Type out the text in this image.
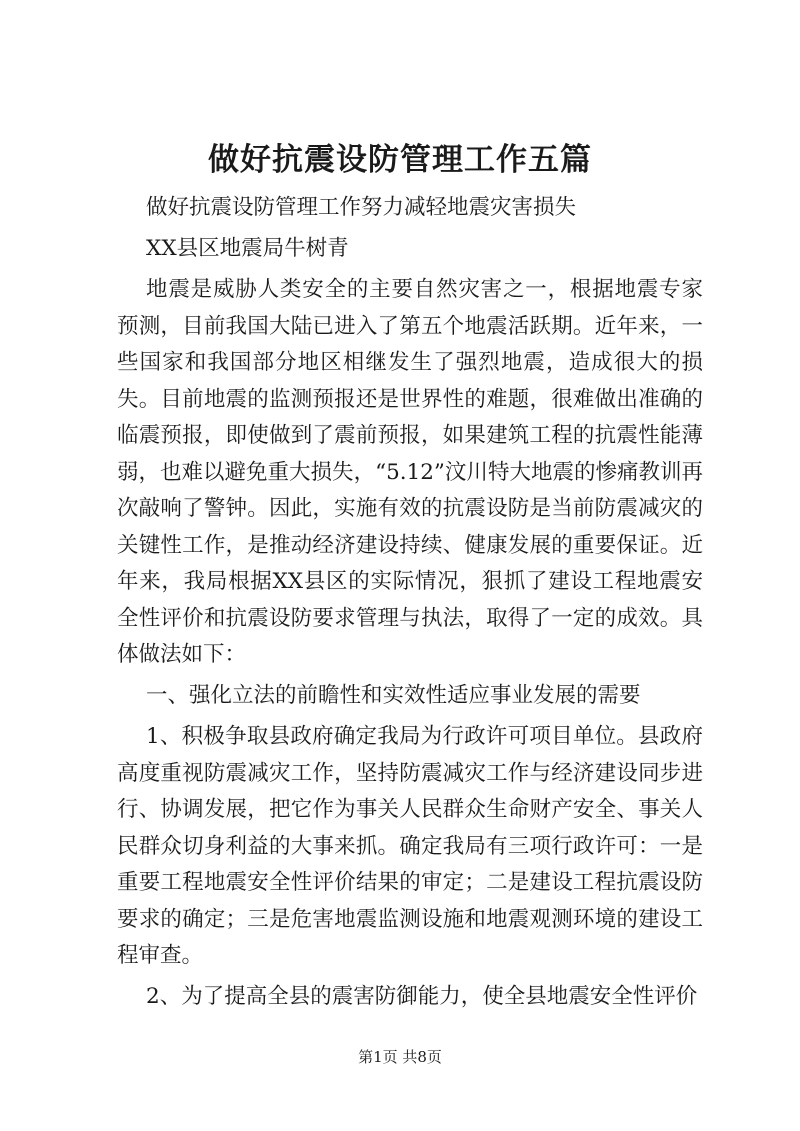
做好抗震设防管理工作五篇

做好抗震设防管理工作努力减轻地震灾害损失

XX县区地震局牛树青

地震是威胁人类安全的主要自然灾害之一，根据地震专家预测，目前我国大陆已进入了第五个地震活跃期。近年来，一些国家和我国部分地区相继发生了强烈地震，造成很大的损失。目前地震的监测预报还是世界性的难题，很难做出准确的临震预报，即使做到了震前预报，如果建筑工程的抗震性能薄弱，也难以避免重大损失，“5.12”汶川特大地震的惨痛教训再次敲响了警钟。因此，实施有效的抗震设防是当前防震减灾的关键性工作，是推动经济建设持续、健康发展的重要保证。近年来，我局根据XX县区的实际情况，狠抓了建设工程地震安全性评价和抗震设防要求管理与执法，取得了一定的成效。具体做法如下：

一、强化立法的前瞻性和实效性适应事业发展的需要

1、积极争取县政府确定我局为行政许可项目单位。县政府高度重视防震减灾工作，坚持防震减灾工作与经济建设同步进行、协调发展，把它作为事关人民群众生命财产安全、事关人民群众切身利益的大事来抓。确定我局有三项行政许可：一是重要工程地震安全性评价结果的审定；二是建设工程抗震设防要求的确定；三是危害地震监测设施和地震观测环境的建设工程审查。

2、为了提高全县的震害防御能力，使全县地震安全性评价

第1页 共8页
